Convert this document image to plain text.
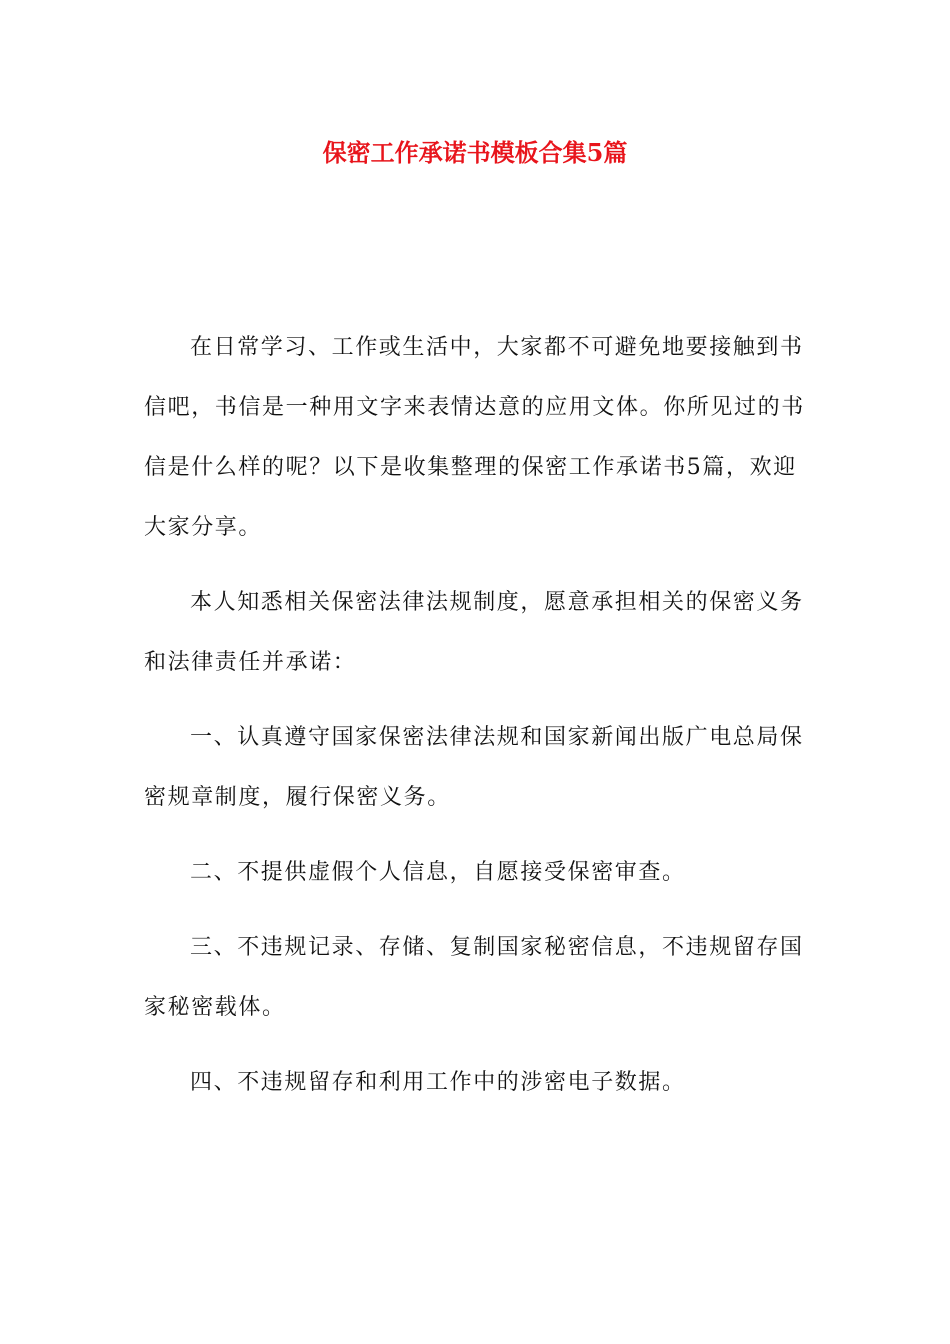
保密工作承诺书模板合集5篇

在日常学习、工作或生活中，大家都不可避免地要接触到书信吧，书信是一种用文字来表情达意的应用文体。你所见过的书信是什么样的呢？以下是收集整理的保密工作承诺书5篇，欢迎大家分享。

本人知悉相关保密法律法规制度，愿意承担相关的保密义务和法律责任并承诺：

一、认真遵守国家保密法律法规和国家新闻出版广电总局保密规章制度，履行保密义务。

二、不提供虚假个人信息，自愿接受保密审查。

三、不违规记录、存储、复制国家秘密信息，不违规留存国家秘密载体。

四、不违规留存和利用工作中的涉密电子数据。
